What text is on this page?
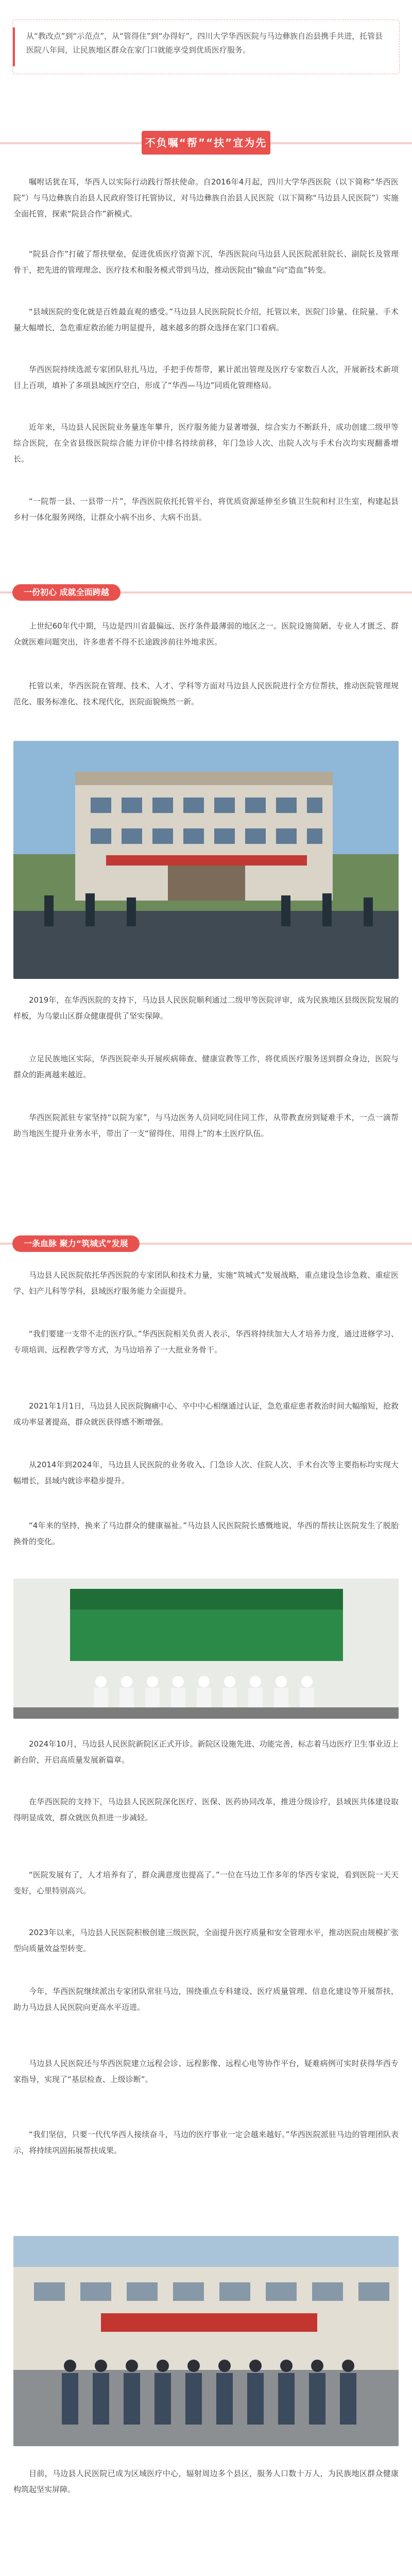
从“教改点”到“示范点”，从“管得住”到“办得好”，四川大学华西医院与马边彝族自治县携手共进，托管县医院八年间，让民族地区群众在家门口就能享受到优质医疗服务。

不负嘱“帮”“扶”宜为先

嘱咐话犹在耳，华西人以实际行动践行帮扶使命。自2016年4月起，四川大学华西医院（以下简称“华西医院”）与马边彝族自治县人民政府签订托管协议，对马边彝族自治县人民医院（以下简称“马边县人民医院”）实施全面托管，探索“院县合作”新模式。

“院县合作”打破了帮扶壁垒，促进优质医疗资源下沉，华西医院向马边县人民医院派驻院长、副院长及管理骨干，把先进的管理理念、医疗技术和服务模式带到马边，推动医院由“输血”向“造血”转变。

“县域医院的变化就是百姓最直观的感受。”马边县人民医院院长介绍，托管以来，医院门诊量、住院量、手术量大幅增长，急危重症救治能力明显提升，越来越多的群众选择在家门口看病。

华西医院持续选派专家团队驻扎马边，手把手传帮带，累计派出管理及医疗专家数百人次，开展新技术新项目上百项，填补了多项县域医疗空白，形成了“华西—马边”同质化管理格局。

近年来，马边县人民医院业务量连年攀升，医疗服务能力显著增强，综合实力不断跃升，成功创建二级甲等综合医院，在全省县级医院综合能力评价中排名持续前移，年门急诊人次、出院人次与手术台次均实现翻番增长。

“一院帮一县、一县带一片”，华西医院依托托管平台，将优质资源延伸至乡镇卫生院和村卫生室，构建起县乡村一体化服务网络，让群众小病不出乡、大病不出县。

一份初心 成就全面跨越

上世纪60年代中期，马边是四川省最偏远、医疗条件最薄弱的地区之一。医院设施简陋、专业人才匮乏、群众就医难问题突出，许多患者不得不长途跋涉前往外地求医。

托管以来，华西医院在管理、技术、人才、学科等方面对马边县人民医院进行全方位帮扶，推动医院管理规范化、服务标准化、技术现代化，医院面貌焕然一新。

2019年，在华西医院的支持下，马边县人民医院顺利通过二级甲等医院评审，成为民族地区县级医院发展的样板，为乌蒙山区群众健康提供了坚实保障。

立足民族地区实际，华西医院牵头开展疾病筛查、健康宣教等工作，将优质医疗服务送到群众身边，医院与群众的距离越来越近。

华西医院派驻专家坚持“以院为家”，与马边医务人员同吃同住同工作，从带教查房到疑难手术，一点一滴帮助当地医生提升业务水平，带出了一支“留得住、用得上”的本土医疗队伍。

一条血脉 聚力“筑城式”发展

马边县人民医院依托华西医院的专家团队和技术力量，实施“筑城式”发展战略，重点建设急诊急救、重症医学、妇产儿科等学科，县域医疗服务能力全面提升。

“我们要建一支带不走的医疗队。”华西医院相关负责人表示，华西将持续加大人才培养力度，通过进修学习、专项培训、远程教学等方式，为马边培养了一大批业务骨干。

2021年1月1日，马边县人民医院胸痛中心、卒中中心相继通过认证，急危重症患者救治时间大幅缩短，抢救成功率显著提高，群众就医获得感不断增强。

从2014年到2024年，马边县人民医院的业务收入、门急诊人次、住院人次、手术台次等主要指标均实现大幅增长，县域内就诊率稳步提升。

“4年来的坚持，换来了马边群众的健康福祉。”马边县人民医院院长感慨地说，华西的帮扶让医院发生了脱胎换骨的变化。

2024年10月，马边县人民医院新院区正式开诊。新院区设施先进、功能完善，标志着马边医疗卫生事业迈上新台阶，开启高质量发展新篇章。

在华西医院的支持下，马边县人民医院深化医疗、医保、医药协同改革，推进分级诊疗，县域医共体建设取得明显成效，群众就医负担进一步减轻。

“医院发展有了，人才培养有了，群众满意度也提高了。”一位在马边工作多年的华西专家说，看到医院一天天变好，心里特别高兴。

2023年以来，马边县人民医院积极创建三级医院，全面提升医疗质量和安全管理水平，推动医院由规模扩张型向质量效益型转变。

今年，华西医院继续派出专家团队常驻马边，围绕重点专科建设、医疗质量管理、信息化建设等开展帮扶，助力马边县人民医院向更高水平迈进。

马边县人民医院还与华西医院建立远程会诊、远程影像、远程心电等协作平台，疑难病例可实时获得华西专家指导，实现了“基层检查、上级诊断”。

“我们坚信，只要一代代华西人接续奋斗，马边的医疗事业一定会越来越好。”华西医院派驻马边的管理团队表示，将持续巩固拓展帮扶成果。

目前，马边县人民医院已成为区域医疗中心，辐射周边多个县区，服务人口数十万人，为民族地区群众健康构筑起坚实屏障。
